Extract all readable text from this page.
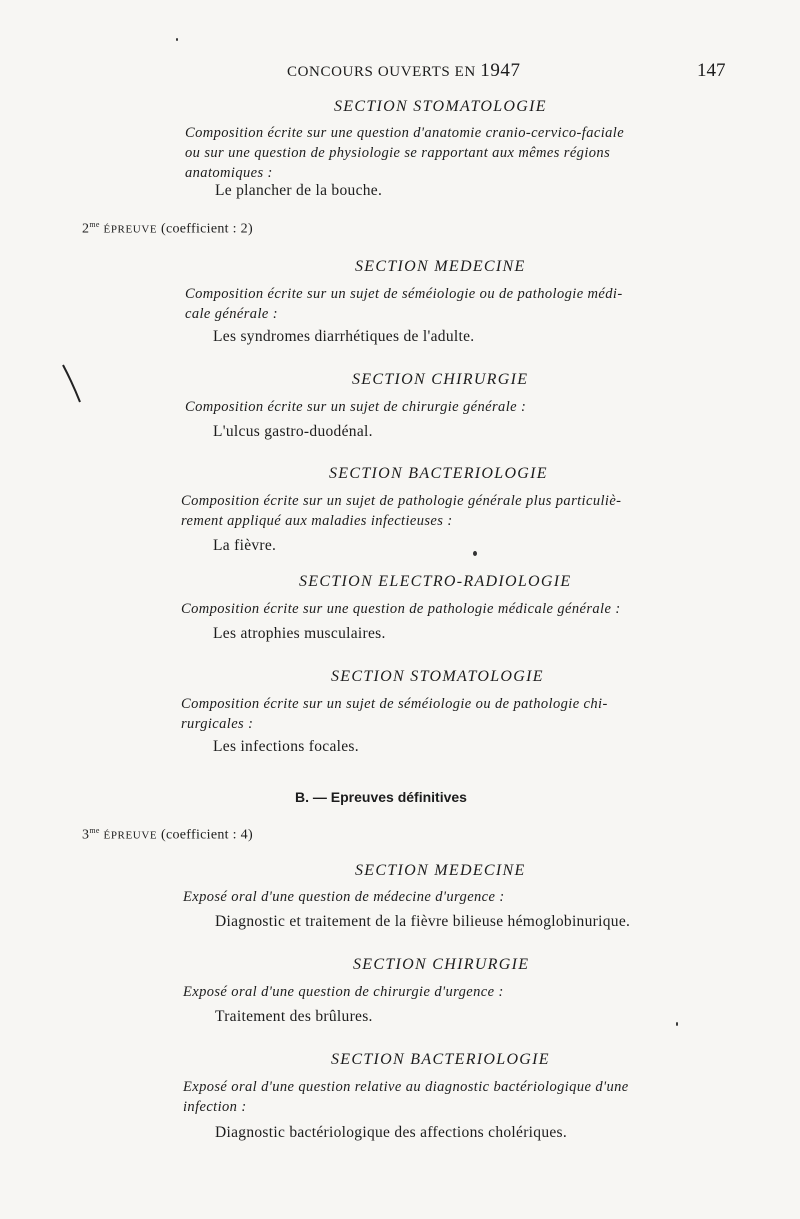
CONCOURS OUVERTS EN 1947	147
SECTION STOMATOLOGIE
Composition écrite sur une question d'anatomie cranio-cervico-faciale
ou sur une question de physiologie se rapportant aux mêmes régions
anatomiques :
Le plancher de la bouche.
$2^{me}$ ÉPREUVE (coefficient : 2)
SECTION MEDECINE
Composition écrite sur un sujet de séméiologie ou de pathologie médi-
cale générale :
Les syndromes diarrhétiques de l'adulte.
SECTION CHIRURGIE
Composition écrite sur un sujet de chirurgie générale :
L'ulcus gastro-duodénal.
SECTION BACTERIOLOGIE
Composition écrite sur un sujet de pathologie générale plus particuliè-
rement appliqué aux maladies infectieuses :
La fièvre.
SECTION ELECTRO-RADIOLOGIE
Composition écrite sur une question de pathologie médicale générale :
Les atrophies musculaires.
SECTION STOMATOLOGIE
Composition écrite sur un sujet de séméiologie ou de pathologie chi-
rurgicales :
Les infections focales.
B. — Epreuves définitives
$3^{me}$ ÉPREUVE (coefficient : 4)
SECTION MEDECINE
Exposé oral d'une question de médecine d'urgence :
Diagnostic et traitement de la fièvre bilieuse hémoglobinurique.
SECTION CHIRURGIE
Exposé oral d'une question de chirurgie d'urgence :
Traitement des brûlures.
SECTION BACTERIOLOGIE
Exposé oral d'une question relative au diagnostic bactériologique d'une
infection :
Diagnostic bactériologique des affections cholériques.
